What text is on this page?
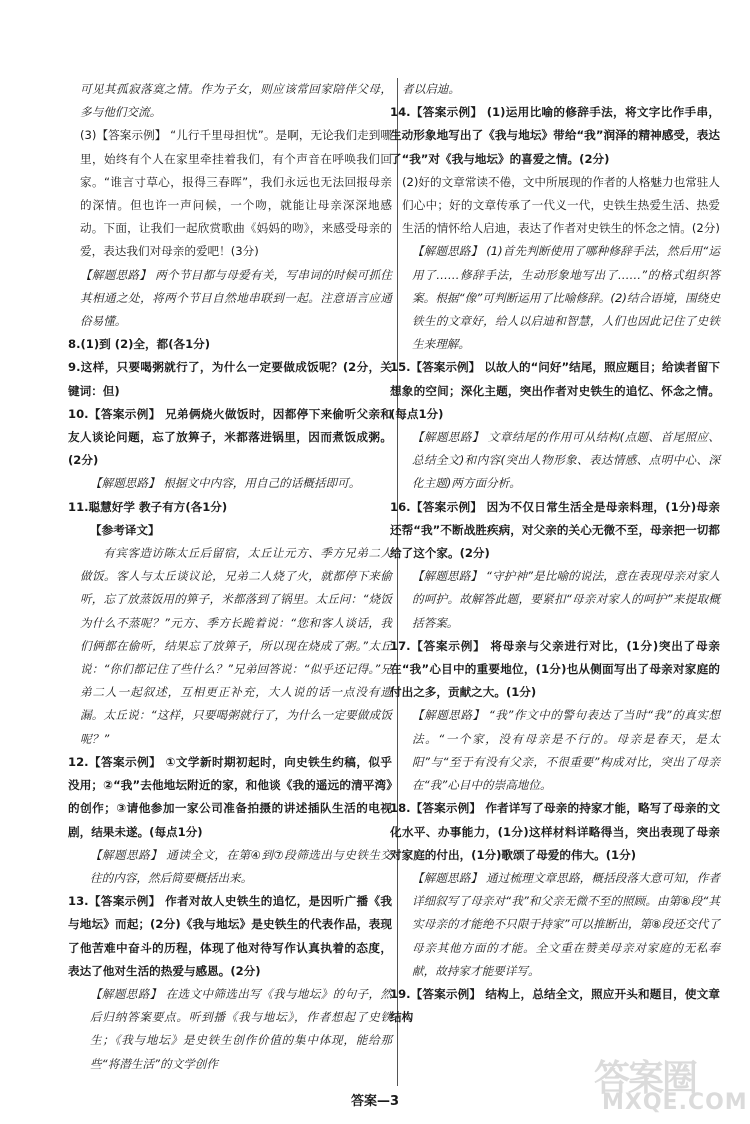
可见其孤寂落寞之情。作为子女，则应该常回家陪伴父母，多与他们交流。

(3)【答案示例】 “儿行千里母担忧”。是啊，无论我们走到哪里，始终有个人在家里牵挂着我们，有个声音在呼唤我们回家。“谁言寸草心，报得三春晖”，我们永远也无法回报母亲的深情。但也许一声问候，一个吻，就能让母亲深深地感动。下面，让我们一起欣赏歌曲《妈妈的吻》，来感受母亲的爱，表达我们对母亲的爱吧！(3分)

【解题思路】 两个节目都与母爱有关，写串词的时候可抓住其相通之处，将两个节目自然地串联到一起。注意语言应通俗易懂。

8.(1)到 (2)全，都(各1分)

9.这样，只要喝粥就行了，为什么一定要做成饭呢？(2分，关键词：但)

10.【答案示例】 兄弟俩烧火做饭时，因都停下来偷听父亲和友人谈论问题，忘了放箅子，米都落进锅里，因而煮饭成粥。(2分)

【解题思路】 根据文中内容，用自己的话概括即可。

11.聪慧好学 教子有方(各1分)

【参考译文】

有宾客造访陈太丘后留宿，太丘让元方、季方兄弟二人做饭。客人与太丘谈议论，兄弟二人烧了火，就都停下来偷听，忘了放蒸饭用的箅子，米都落到了锅里。太丘问：“烧饭为什么不蒸呢？”元方、季方长跪着说：“您和客人谈话，我们俩都在偷听，结果忘了放箅子，所以现在烧成了粥。”太丘说：“你们都记住了些什么？”兄弟回答说：“似乎还记得。”兄弟二人一起叙述，互相更正补充，大人说的话一点没有遗漏。太丘说：“这样，只要喝粥就行了，为什么一定要做成饭呢？”

12.【答案示例】 ①文学新时期初起时，向史铁生约稿，似乎没用；②“我”去他地坛附近的家，和他谈《我的遥远的清平湾》的创作；③请他参加一家公司准备拍摄的讲述插队生活的电视剧，结果未遂。(每点1分)

【解题思路】 通读全文，在第④到⑦段筛选出与史铁生交往的内容，然后简要概括出来。

13.【答案示例】 作者对故人史铁生的追忆，是因听广播《我与地坛》而起；(2分)《我与地坛》是史铁生的代表作品，表现了他苦难中奋斗的历程，体现了他对待写作认真执着的态度，表达了他对生活的热爱与感恩。(2分)

【解题思路】 在选文中筛选出写《我与地坛》的句子，然后归纳答案要点。听到播《我与地坛》，作者想起了史铁生；《我与地坛》是史铁生创作价值的集中体现，能给那些“将潜生活”的文学创作

者以启迪。

14.【答案示例】 (1)运用比喻的修辞手法，将文字比作手串，生动形象地写出了《我与地坛》带给“我”润泽的精神感受，表达了“我”对《我与地坛》的喜爱之情。(2分)

(2)好的文章常读不倦，文中所展现的作者的人格魅力也常驻人们心中；好的文章传承了一代义一代，史铁生热爱生活、热爱生活的情怀给人启迪，表达了作者对史铁生的怀念之情。(2分)

【解题思路】 (1)首先判断使用了哪种修辞手法，然后用“运用了……修辞手法，生动形象地写出了……”的格式组织答案。根据“像”可判断运用了比喻修辞。(2)结合语境，围绕史铁生的文章好，给人以启迪和智慧，人们也因此记住了史铁生来理解。

15.【答案示例】 以故人的“问好”结尾，照应题目；给读者留下想象的空间；深化主题，突出作者对史铁生的追忆、怀念之情。(每点1分)

【解题思路】 文章结尾的作用可从结构(点题、首尾照应、总结全文)和内容(突出人物形象、表达情感、点明中心、深化主题)两方面分析。

16.【答案示例】 因为不仅日常生活全是母亲料理，(1分)母亲还帮“我”不断战胜疾病，对父亲的关心无微不至，母亲把一切都给了这个家。(2分)

【解题思路】 “守护神”是比喻的说法，意在表现母亲对家人的呵护。故解答此题，要紧扣“母亲对家人的呵护”来提取概括答案。

17.【答案示例】 将母亲与父亲进行对比，(1分)突出了母亲在“我”心目中的重要地位，(1分)也从侧面写出了母亲对家庭的付出之多，贡献之大。(1分)

【解题思路】 “我”作文中的警句表达了当时“我”的真实想法。“一个家，没有母亲是不行的。母亲是春天，是太阳”与“至于有没有父亲，不很重要”构成对比，突出了母亲在“我”心目中的崇高地位。

18.【答案示例】 作者详写了母亲的持家才能，略写了母亲的文化水平、办事能力，(1分)这样材料详略得当，突出表现了母亲对家庭的付出，(1分)歌颂了母爱的伟大。(1分)

【解题思路】 通过梳理文章思路，概括段落大意可知，作者详细叙写了母亲对“我”和父亲无微不至的照顾。由第⑧段“其实母亲的才能绝不只限于持家”可以推断出，第⑧段还交代了母亲其他方面的才能。全文重在赞美母亲对家庭的无私奉献，故持家才能要详写。

19.【答案示例】 结构上，总结全文，照应开头和题目，使文章结构

答案—3
答案圈
MXQE.COM
